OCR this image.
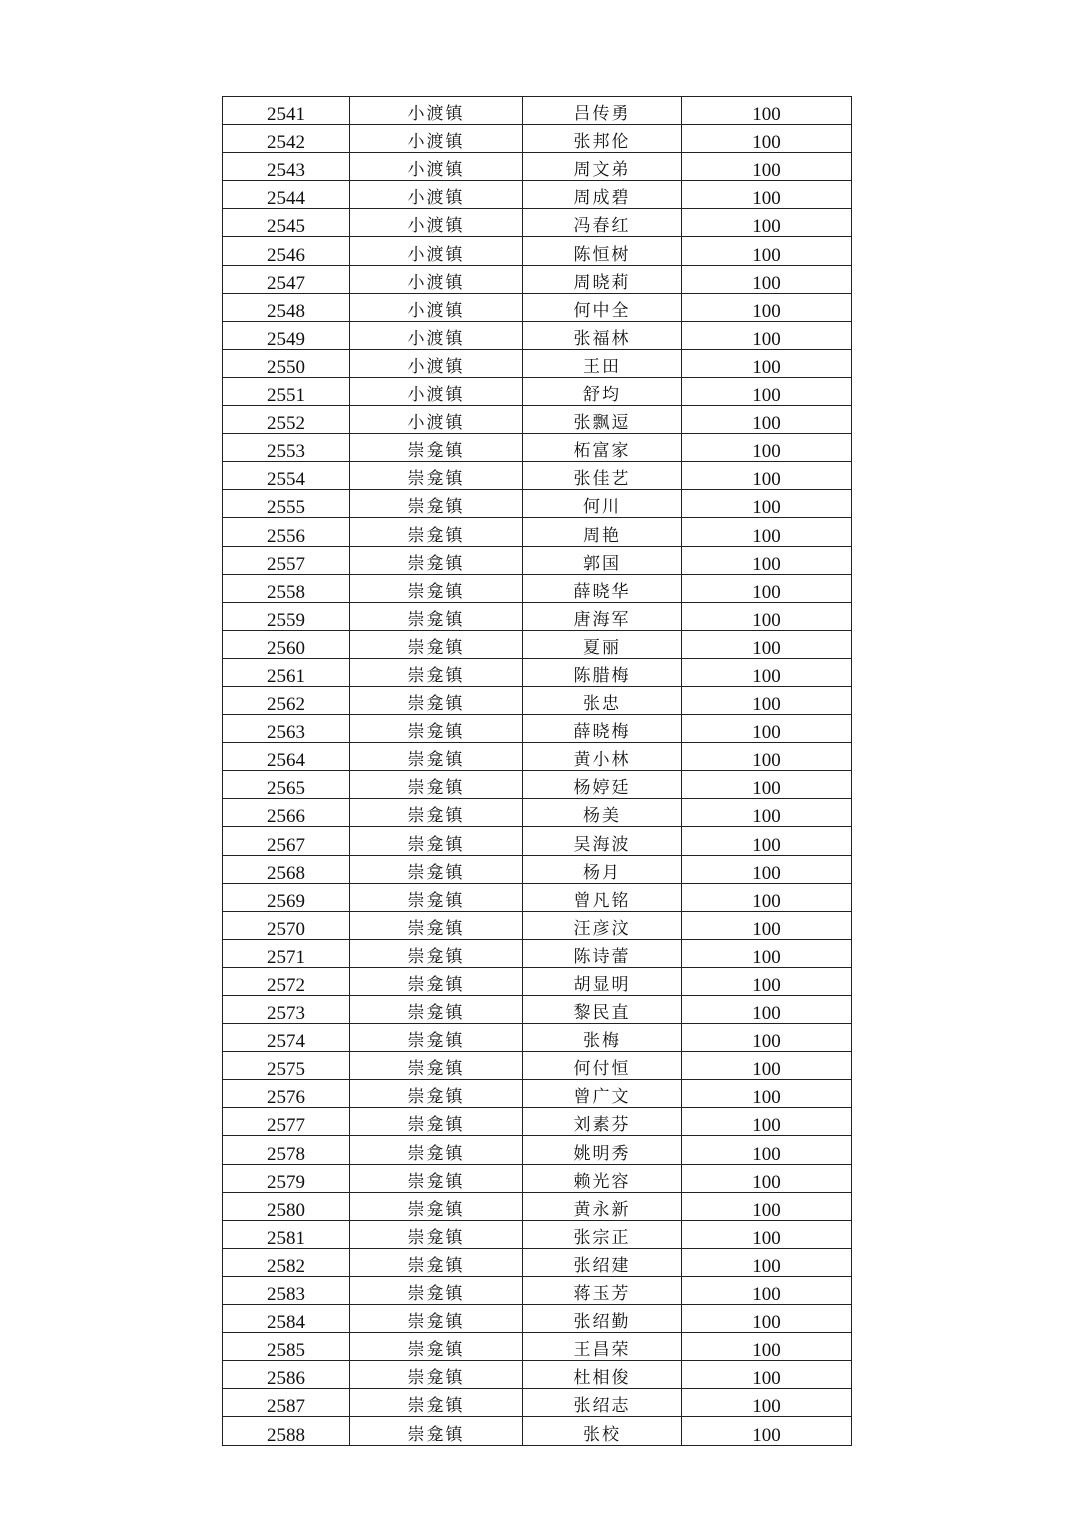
2541	小渡镇	吕传勇	100
2542	小渡镇	张邦伦	100
2543	小渡镇	周文弟	100
2544	小渡镇	周成碧	100
2545	小渡镇	冯春红	100
2546	小渡镇	陈恒树	100
2547	小渡镇	周晓莉	100
2548	小渡镇	何中全	100
2549	小渡镇	张福林	100
2550	小渡镇	王田	100
2551	小渡镇	舒均	100
2552	小渡镇	张飘逗	100
2553	崇龛镇	柘富家	100
2554	崇龛镇	张佳艺	100
2555	崇龛镇	何川	100
2556	崇龛镇	周艳	100
2557	崇龛镇	郭国	100
2558	崇龛镇	薛晓华	100
2559	崇龛镇	唐海军	100
2560	崇龛镇	夏丽	100
2561	崇龛镇	陈腊梅	100
2562	崇龛镇	张忠	100
2563	崇龛镇	薛晓梅	100
2564	崇龛镇	黄小林	100
2565	崇龛镇	杨婷廷	100
2566	崇龛镇	杨美	100
2567	崇龛镇	吴海波	100
2568	崇龛镇	杨月	100
2569	崇龛镇	曾凡铭	100
2570	崇龛镇	汪彦汶	100
2571	崇龛镇	陈诗蕾	100
2572	崇龛镇	胡显明	100
2573	崇龛镇	黎民直	100
2574	崇龛镇	张梅	100
2575	崇龛镇	何付恒	100
2576	崇龛镇	曾广文	100
2577	崇龛镇	刘素芬	100
2578	崇龛镇	姚明秀	100
2579	崇龛镇	赖光容	100
2580	崇龛镇	黄永新	100
2581	崇龛镇	张宗正	100
2582	崇龛镇	张绍建	100
2583	崇龛镇	蒋玉芳	100
2584	崇龛镇	张绍勤	100
2585	崇龛镇	王昌荣	100
2586	崇龛镇	杜相俊	100
2587	崇龛镇	张绍志	100
2588	崇龛镇	张校	100
